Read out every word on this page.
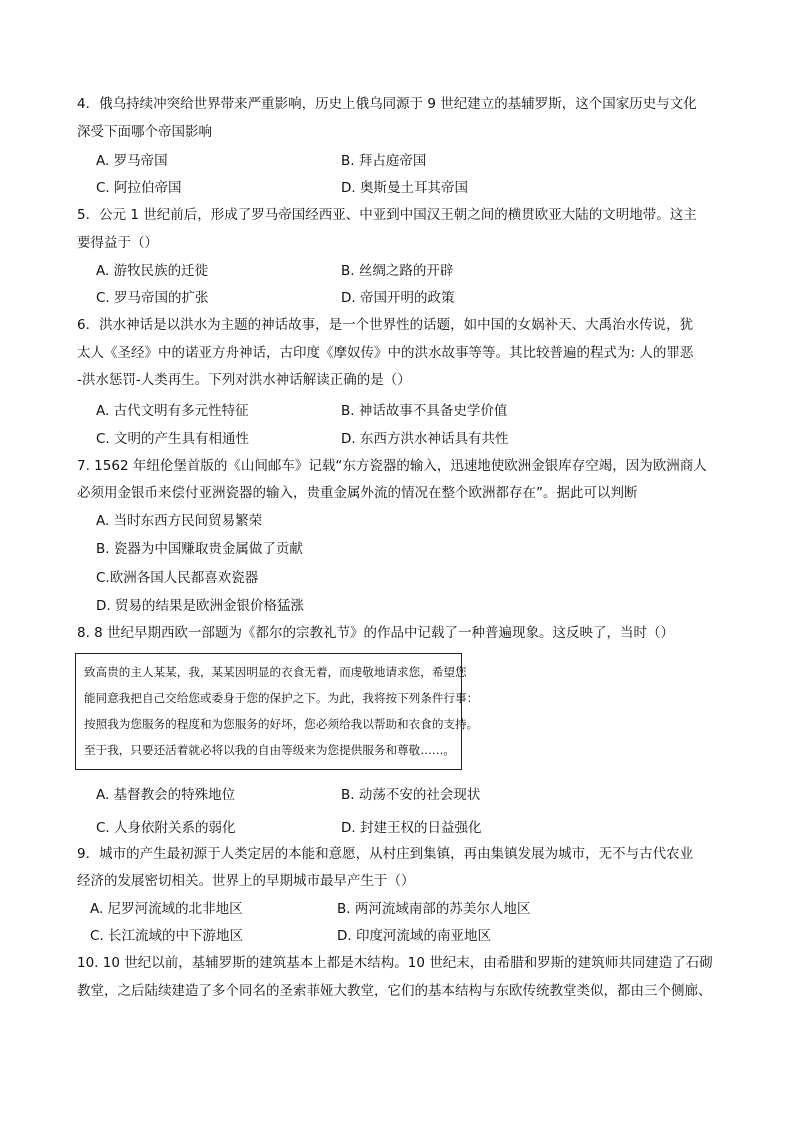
4．俄乌持续冲突给世界带来严重影响，历史上俄乌同源于 9 世纪建立的基辅罗斯，这个国家历史与文化
深受下面哪个帝国影响
A. 罗马帝国	B. 拜占庭帝国
C. 阿拉伯帝国	D. 奥斯曼土耳其帝国
5．公元 1 世纪前后，形成了罗马帝国经西亚、中亚到中国汉王朝之间的横贯欧亚大陆的文明地带。这主
要得益于（）
A. 游牧民族的迁徙	B. 丝绸之路的开辟
C. 罗马帝国的扩张	D. 帝国开明的政策
6．洪水神话是以洪水为主题的神话故事，是一个世界性的话题，如中国的女娲补天、大禹治水传说，犹
太人《圣经》中的诺亚方舟神话，古印度《摩奴传》中的洪水故事等等。其比较普遍的程式为: 人的罪恶
-洪水惩罚-人类再生。下列对洪水神话解读正确的是（）
A. 古代文明有多元性特征	B. 神话故事不具备史学价值
C. 文明的产生具有相通性	D. 东西方洪水神话具有共性
7. 1562 年纽伦堡首版的《山间邮车》记载“东方瓷器的输入，迅速地使欧洲金银库存空竭，因为欧洲商人
必须用金银币来偿付亚洲瓷器的输入，贵重金属外流的情况在整个欧洲都存在”。据此可以判断
A. 当时东西方民间贸易繁荣
B. 瓷器为中国赚取贵金属做了贡献
C.欧洲各国人民都喜欢瓷器
D. 贸易的结果是欧洲金银价格猛涨
8. 8 世纪早期西欧一部题为《都尔的宗教礼节》的作品中记载了一种普遍现象。这反映了，当时（）
致高贵的主人某某，我，某某因明显的衣食无着，而虔敬地请求您，希望您
能同意我把自己交给您或委身于您的保护之下。为此，我将按下列条件行事：
按照我为您服务的程度和为您服务的好坏，您必须给我以帮助和衣食的支持。
至于我，只要还活着就必将以我的自由等级来为您提供服务和尊敬……。
A. 基督教会的特殊地位	B. 动荡不安的社会现状
C. 人身依附关系的弱化	D. 封建王权的日益强化
9．城市的产生最初源于人类定居的本能和意愿，从村庄到集镇，再由集镇发展为城市，无不与古代农业
经济的发展密切相关。世界上的早期城市最早产生于（）
A. 尼罗河流域的北非地区	B. 两河流域南部的苏美尔人地区
C. 长江流域的中下游地区	D. 印度河流域的南亚地区
10. 10 世纪以前，基辅罗斯的建筑基本上都是木结构。10 世纪末，由希腊和罗斯的建筑师共同建造了石砌
教堂，之后陆续建造了多个同名的圣索菲娅大教堂，它们的基本结构与东欧传统教堂类似，都由三个侧廊、
